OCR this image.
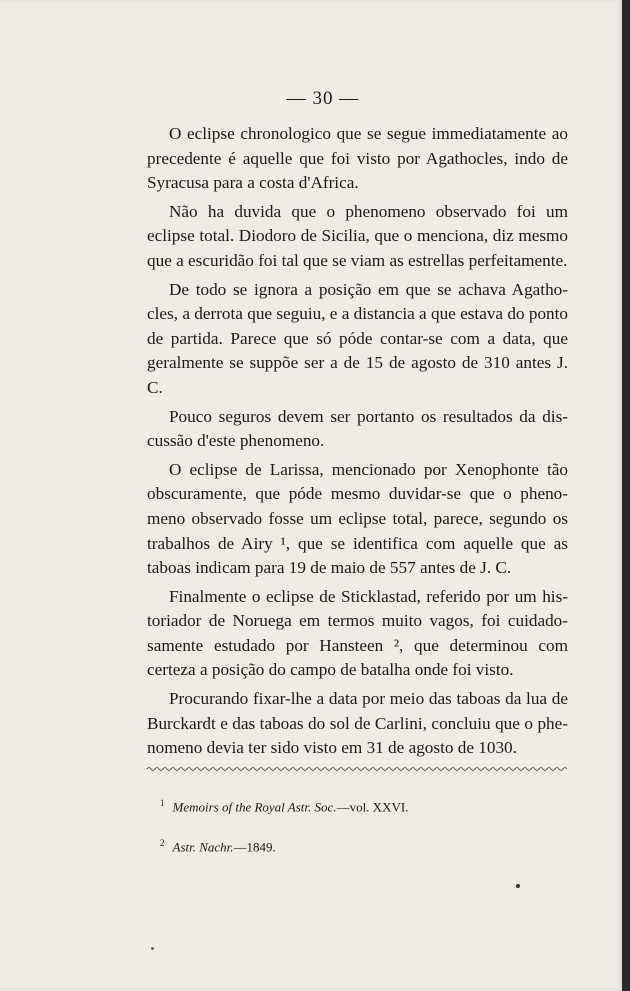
— 30 —

O eclipse chronologico que se segue immediatamente ao precedente é aquelle que foi visto por Agathocles, indo de Syracusa para a costa d'Africa.

Não ha duvida que o phenomeno observado foi um eclipse total. Diodoro de Sicilia, que o menciona, diz mesmo que a escuridão foi tal que se viam as estrellas perfeitamente.

De todo se ignora a posição em que se achava Agathocles, a derrota que seguiu, e a distancia a que estava do ponto de partida. Parece que só póde contar-se com a data, que geralmente se suppõe ser a de 15 de agosto de 310 antes J. C.

Pouco seguros devem ser portanto os resultados da discussão d'este phenomeno.

O eclipse de Larissa, mencionado por Xenophonte tão obscuramente, que póde mesmo duvidar-se que o phenomeno observado fosse um eclipse total, parece, segundo os trabalhos de Airy ¹, que se identifica com aquelle que as taboas indicam para 19 de maio de 557 antes de J. C.

Finalmente o eclipse de Sticklastad, referido por um historiador de Noruega em termos muito vagos, foi cuidadosamente estudado por Hansteen ², que determinou com certeza a posição do campo de batalha onde foi visto.

Procurando fixar-lhe a data por meio das taboas da lua de Burckardt e das taboas do sol de Carlini, concluiu que o phenomeno devia ter sido visto em 31 de agosto de 1030.

$^1$ Memoirs of the Royal Astr. Soc.—vol. XXVI.
$^2$ Astr. Nachr.—1849.
